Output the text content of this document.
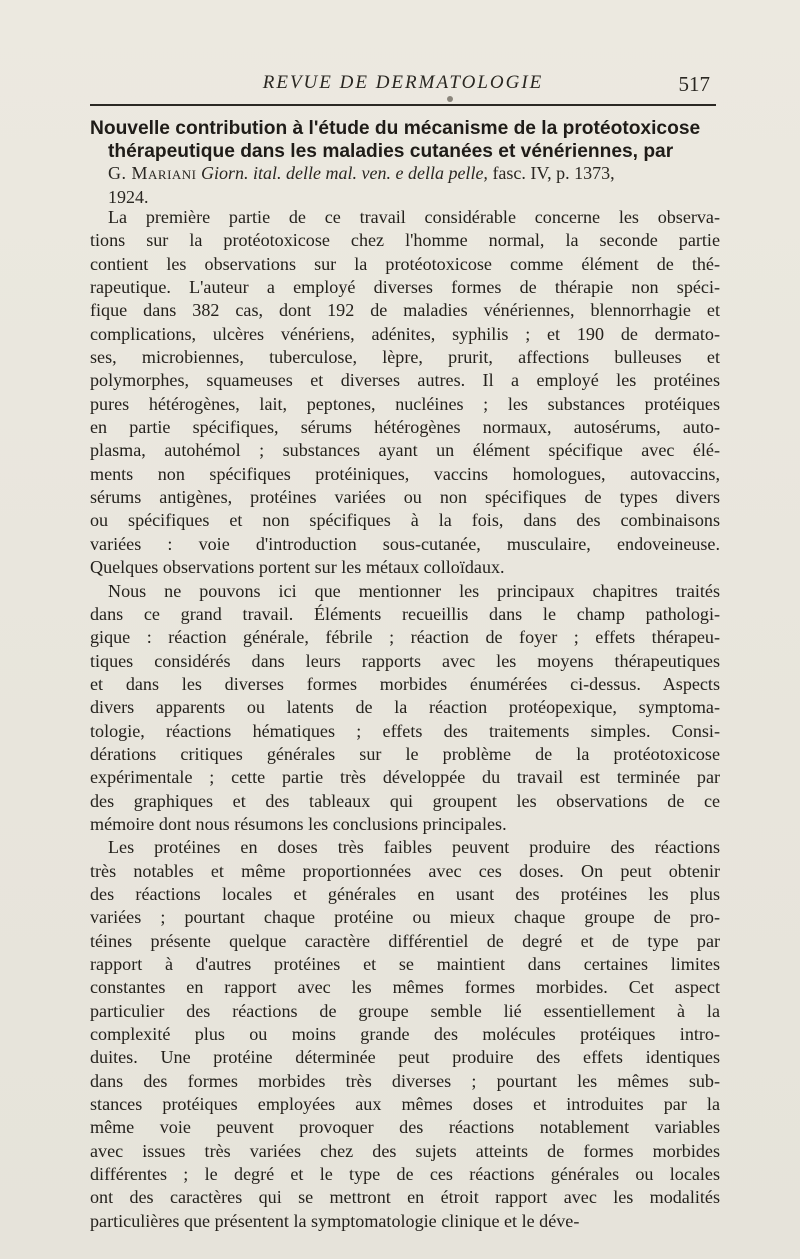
REVUE DE DERMATOLOGIE	517
Nouvelle contribution à l'étude du mécanisme de la protéotoxicose
thérapeutique dans les maladies cutanées et vénériennes, par
G. Mariani Giorn. ital. delle mal. ven. e della pelle, fasc. IV, p. 1373,
1924.
La première partie de ce travail considérable concerne les observa-
tions sur la protéotoxicose chez l'homme normal, la seconde partie
contient les observations sur la protéotoxicose comme élément de thé-
rapeutique. L'auteur a employé diverses formes de thérapie non spéci-
fique dans 382 cas, dont 192 de maladies vénériennes, blennorrhagie et
complications, ulcères vénériens, adénites, syphilis ; et 190 de dermato-
ses, microbiennes, tuberculose, lèpre, prurit, affections bulleuses et
polymorphes, squameuses et diverses autres. Il a employé les protéines
pures hétérogènes, lait, peptones, nucléines ; les substances protéiques
en partie spécifiques, sérums hétérogènes normaux, autosérums, auto-
plasma, autohémol ; substances ayant un élément spécifique avec élé-
ments non spécifiques protéiniques, vaccins homologues, autovaccins,
sérums antigènes, protéines variées ou non spécifiques de types divers
ou spécifiques et non spécifiques à la fois, dans des combinaisons
variées : voie d'introduction sous-cutanée, musculaire, endoveineuse.
Quelques observations portent sur les métaux colloïdaux.
Nous ne pouvons ici que mentionner les principaux chapitres traités
dans ce grand travail. Éléments recueillis dans le champ pathologi-
gique : réaction générale, fébrile ; réaction de foyer ; effets thérapeu-
tiques considérés dans leurs rapports avec les moyens thérapeutiques
et dans les diverses formes morbides énumérées ci-dessus. Aspects
divers apparents ou latents de la réaction protéopexique, symptoma-
tologie, réactions hématiques ; effets des traitements simples. Consi-
dérations critiques générales sur le problème de la protéotoxicose
expérimentale ; cette partie très développée du travail est terminée par
des graphiques et des tableaux qui groupent les observations de ce
mémoire dont nous résumons les conclusions principales.
Les protéines en doses très faibles peuvent produire des réactions
très notables et même proportionnées avec ces doses. On peut obtenir
des réactions locales et générales en usant des protéines les plus
variées ; pourtant chaque protéine ou mieux chaque groupe de pro-
téines présente quelque caractère différentiel de degré et de type par
rapport à d'autres protéines et se maintient dans certaines limites
constantes en rapport avec les mêmes formes morbides. Cet aspect
particulier des réactions de groupe semble lié essentiellement à la
complexité plus ou moins grande des molécules protéiques intro-
duites. Une protéine déterminée peut produire des effets identiques
dans des formes morbides très diverses ; pourtant les mêmes sub-
stances protéiques employées aux mêmes doses et introduites par la
même voie peuvent provoquer des réactions notablement variables
avec issues très variées chez des sujets atteints de formes morbides
différentes ; le degré et le type de ces réactions générales ou locales
ont des caractères qui se mettront en étroit rapport avec les modalités
particulières que présentent la symptomatologie clinique et le déve-
